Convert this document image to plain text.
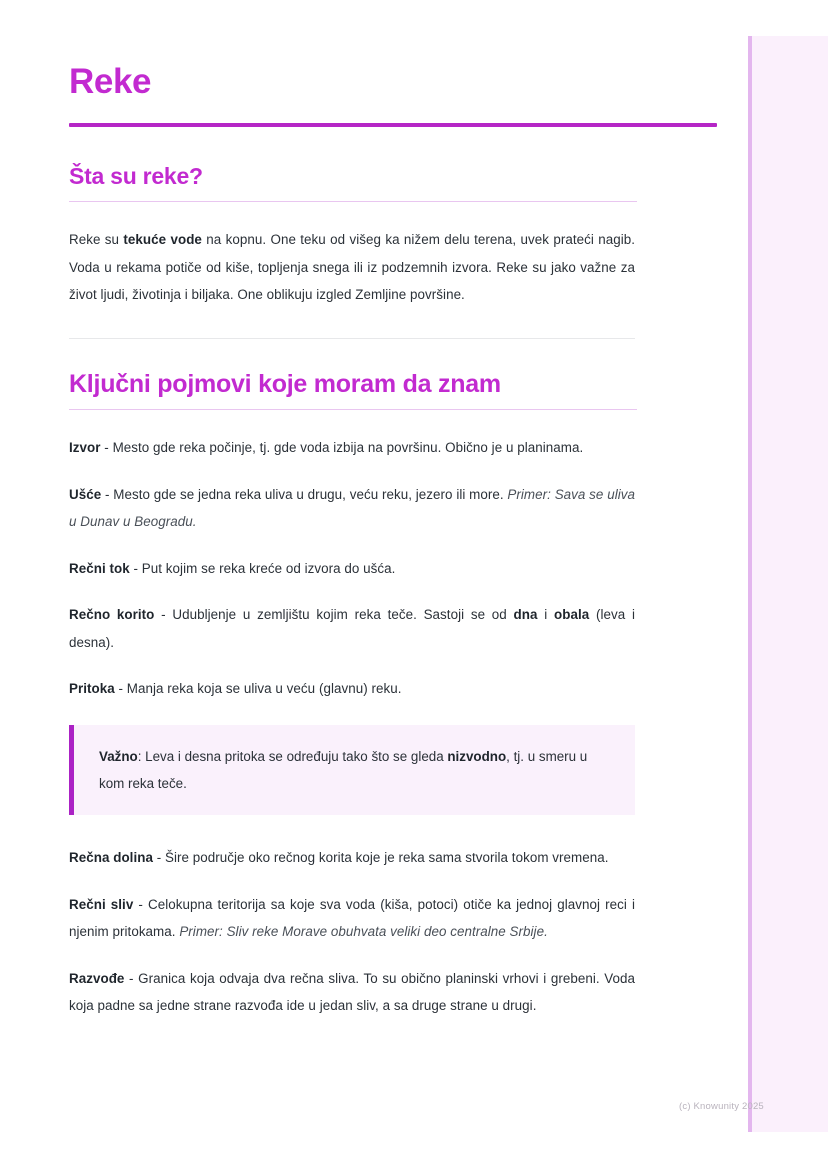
Reke
Šta su reke?

Reke su tekuće vode na kopnu. One teku od višeg ka nižem delu terena, uvek prateći nagib. Voda u rekama potiče od kiše, topljenja snega ili iz podzemnih izvora. Reke su jako važne za život ljudi, životinja i biljaka. One oblikuju izgled Zemljine površine.

Ključni pojmovi koje moram da znam

Izvor - Mesto gde reka počinje, tj. gde voda izbija na površinu. Obično je u planinama.

Ušće - Mesto gde se jedna reka uliva u drugu, veću reku, jezero ili more. Primer: Sava se uliva u Dunav u Beogradu.

Rečni tok - Put kojim se reka kreće od izvora do ušća.

Rečno korito - Udubljenje u zemljištu kojim reka teče. Sastoji se od dna i obala (leva i desna).

Pritoka - Manja reka koja se uliva u veću (glavnu) reku.

Važno: Leva i desna pritoka se određuju tako što se gleda nizvodno, tj. u smeru u kom reka teče.

Rečna dolina - Šire područje oko rečnog korita koje je reka sama stvorila tokom vremena.

Rečni sliv - Celokupna teritorija sa koje sva voda (kiša, potoci) otiče ka jednoj glavnoj reci i njenim pritokama. Primer: Sliv reke Morave obuhvata veliki deo centralne Srbije.

Razvođe - Granica koja odvaja dva rečna sliva. To su obično planinski vrhovi i grebeni. Voda koja padne sa jedne strane razvođa ide u jedan sliv, a sa druge strane u drugi.

(c) Knowunity 2025
